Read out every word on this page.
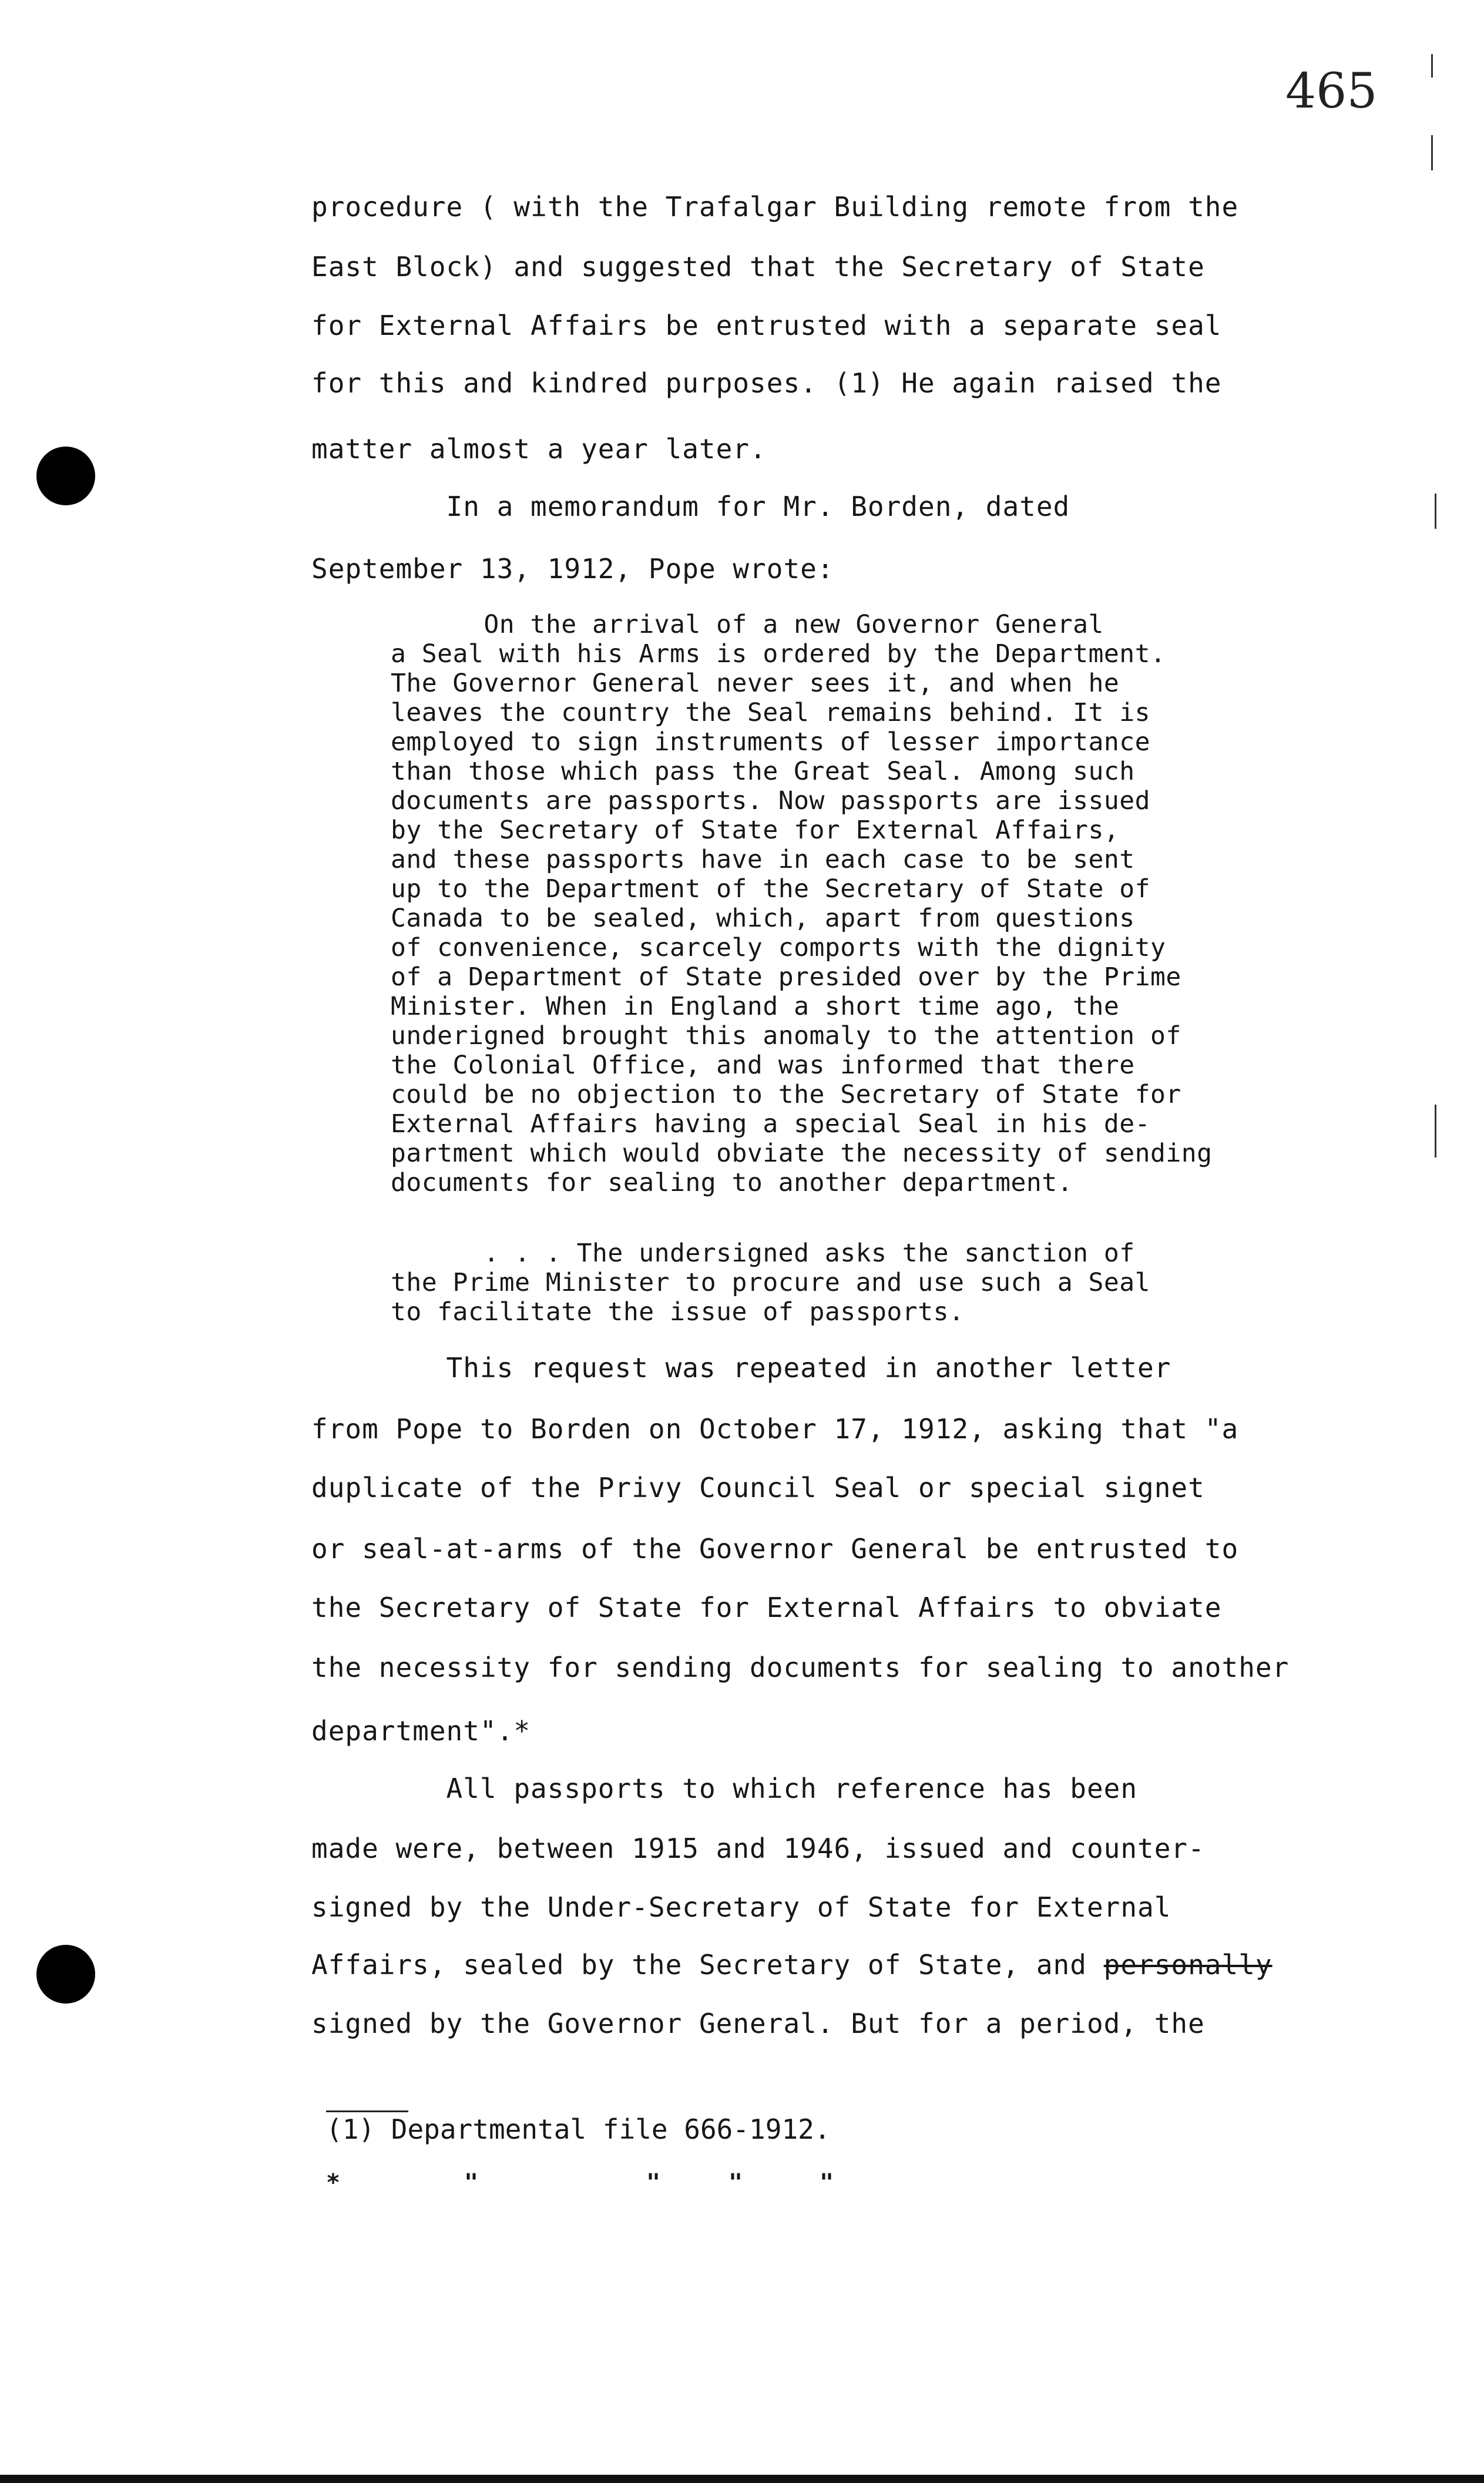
465
procedure ( with the Trafalgar Building remote from the
East Block) and suggested that the Secretary of State
for External Affairs be entrusted with a separate seal
for this and kindred purposes. (1) He again raised the
matter almost a year later.
In a memorandum for Mr. Borden, dated
September 13, 1912, Pope wrote:
On the arrival of a new Governor General
a Seal with his Arms is ordered by the Department.
The Governor General never sees it, and when he
leaves the country the Seal remains behind. It is
employed to sign instruments of lesser importance
than those which pass the Great Seal. Among such
documents are passports. Now passports are issued
by the Secretary of State for External Affairs,
and these passports have in each case to be sent
up to the Department of the Secretary of State of
Canada to be sealed, which, apart from questions
of convenience, scarcely comports with the dignity
of a Department of State presided over by the Prime
Minister. When in England a short time ago, the
underigned brought this anomaly to the attention of
the Colonial Office, and was informed that there
could be no objection to the Secretary of State for
External Affairs having a special Seal in his de-
partment which would obviate the necessity of sending
documents for sealing to another department.
. . . The undersigned asks the sanction of
the Prime Minister to procure and use such a Seal
to facilitate the issue of passports.
This request was repeated in another letter
from Pope to Borden on October 17, 1912, asking that "a
duplicate of the Privy Council Seal or special signet
or seal-at-arms of the Governor General be entrusted to
the Secretary of State for External Affairs to obviate
the necessity for sending documents for sealing to another
department".*
All passports to which reference has been
made were, between 1915 and 1946, issued and counter-
signed by the Under-Secretary of State for External
Affairs, sealed by the Secretary of State, and personally
signed by the Governor General. But for a period, the
(1) Departmental file 666-1912.
*	"	"	"	"
